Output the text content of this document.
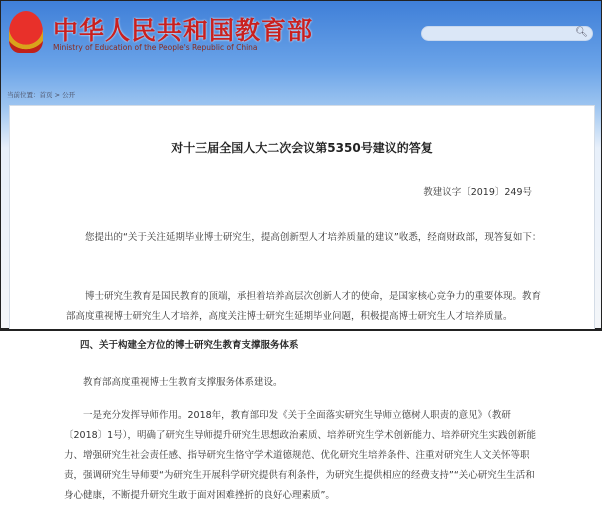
中华人民共和国教育部
Ministry of Education of the People's Republic of China
🔍︎
当前位置：首页 > 公开
对十三届全国人大二次会议第5350号建议的答复
教建议字〔2019〕249号

您提出的“关于关注延期毕业博士研究生，提高创新型人才培养质量的建议”收悉，经商财政部，现答复如下：

博士研究生教育是国民教育的顶端，承担着培养高层次创新人才的使命，是国家核心竞争力的重要体现。教育部高度重视博士研究生人才培养，高度关注博士研究生延期毕业问题，积极提高博士研究生人才培养质量。

四、关于构建全方位的博士研究生教育支撑服务体系

教育部高度重视博士生教育支撑服务体系建设。

一是充分发挥导师作用。2018年，教育部印发《关于全面落实研究生导师立德树人职责的意见》（教研〔2018〕1号），明确了研究生导师提升研究生思想政治素质、培养研究生学术创新能力、培养研究生实践创新能力、增强研究生社会责任感、指导研究生恪守学术道德规范、优化研究生培养条件、注重对研究生人文关怀等职责，强调研究生导师要“为研究生开展科学研究提供有利条件，为研究生提供相应的经费支持”“关心研究生生活和身心健康，不断提升研究生敢于面对困难挫折的良好心理素质”。
